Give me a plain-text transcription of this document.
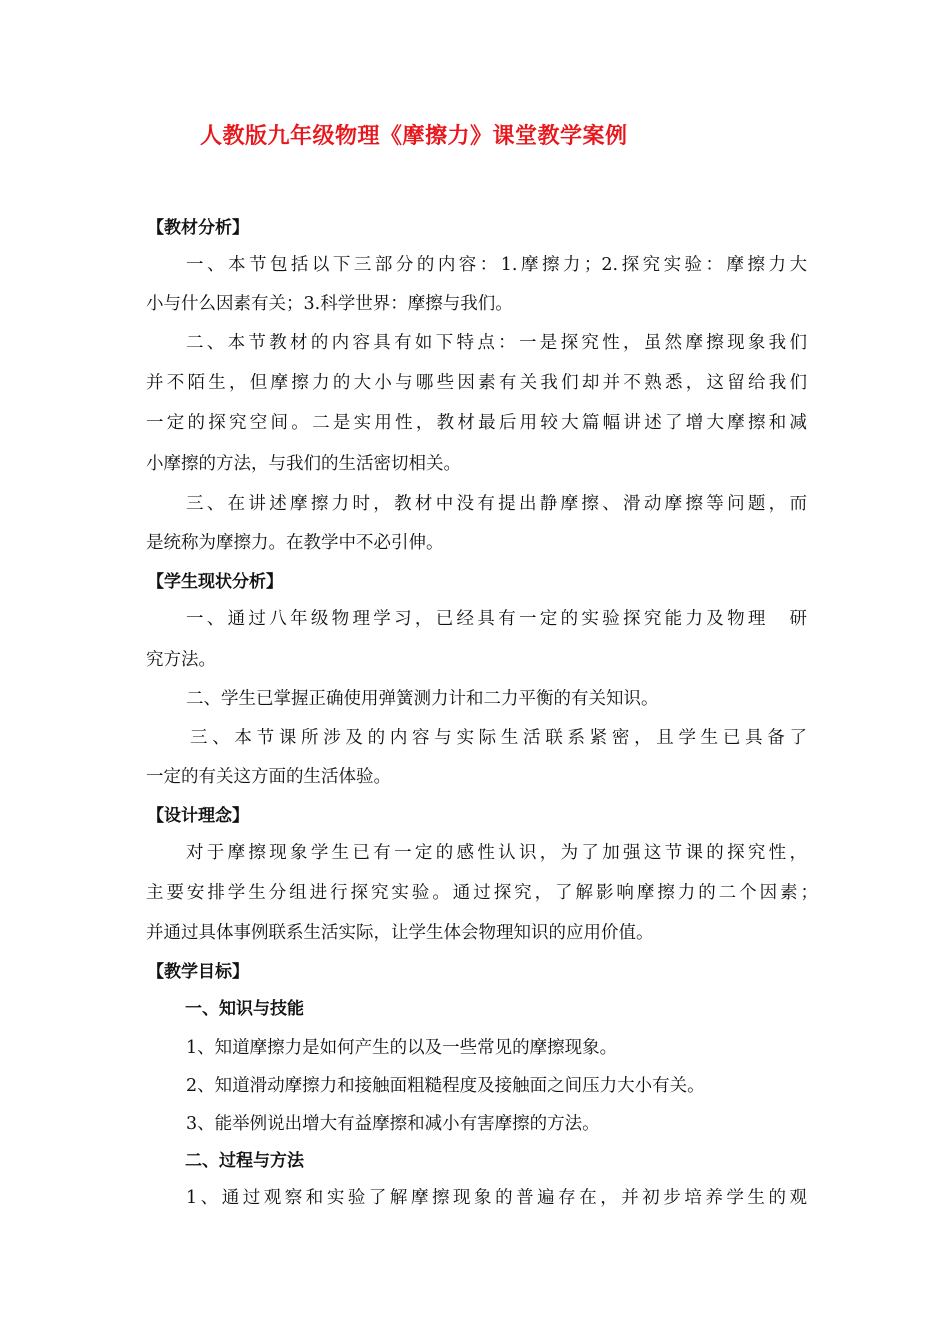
人教版九年级物理《摩擦力》课堂教学案例
【教材分析】
一、本节包括以下三部分的内容：1.摩擦力；2.探究实验：摩擦力大
小与什么因素有关；3.科学世界：摩擦与我们。
二、本节教材的内容具有如下特点：一是探究性，虽然摩擦现象我们
并不陌生，但摩擦力的大小与哪些因素有关我们却并不熟悉，这留给我们
一定的探究空间。二是实用性，教材最后用较大篇幅讲述了增大摩擦和减
小摩擦的方法，与我们的生活密切相关。
三、在讲述摩擦力时，教材中没有提出静摩擦、滑动摩擦等问题，而
是统称为摩擦力。在教学中不必引伸。
【学生现状分析】
一、通过八年级物理学习，已经具有一定的实验探究能力及物理　研
究方法。
二、学生已掌握正确使用弹簧测力计和二力平衡的有关知识。
三、本节课所涉及的内容与实际生活联系紧密，且学生已具备了
一定的有关这方面的生活体验。
【设计理念】
对于摩擦现象学生已有一定的感性认识，为了加强这节课的探究性，
主要安排学生分组进行探究实验。通过探究，了解影响摩擦力的二个因素；
并通过具体事例联系生活实际，让学生体会物理知识的应用价值。
【教学目标】
一、知识与技能
1、知道摩擦力是如何产生的以及一些常见的摩擦现象。
2、知道滑动摩擦力和接触面粗糙程度及接触面之间压力大小有关。
3、能举例说出增大有益摩擦和减小有害摩擦的方法。
二、过程与方法
1、通过观察和实验了解摩擦现象的普遍存在，并初步培养学生的观
